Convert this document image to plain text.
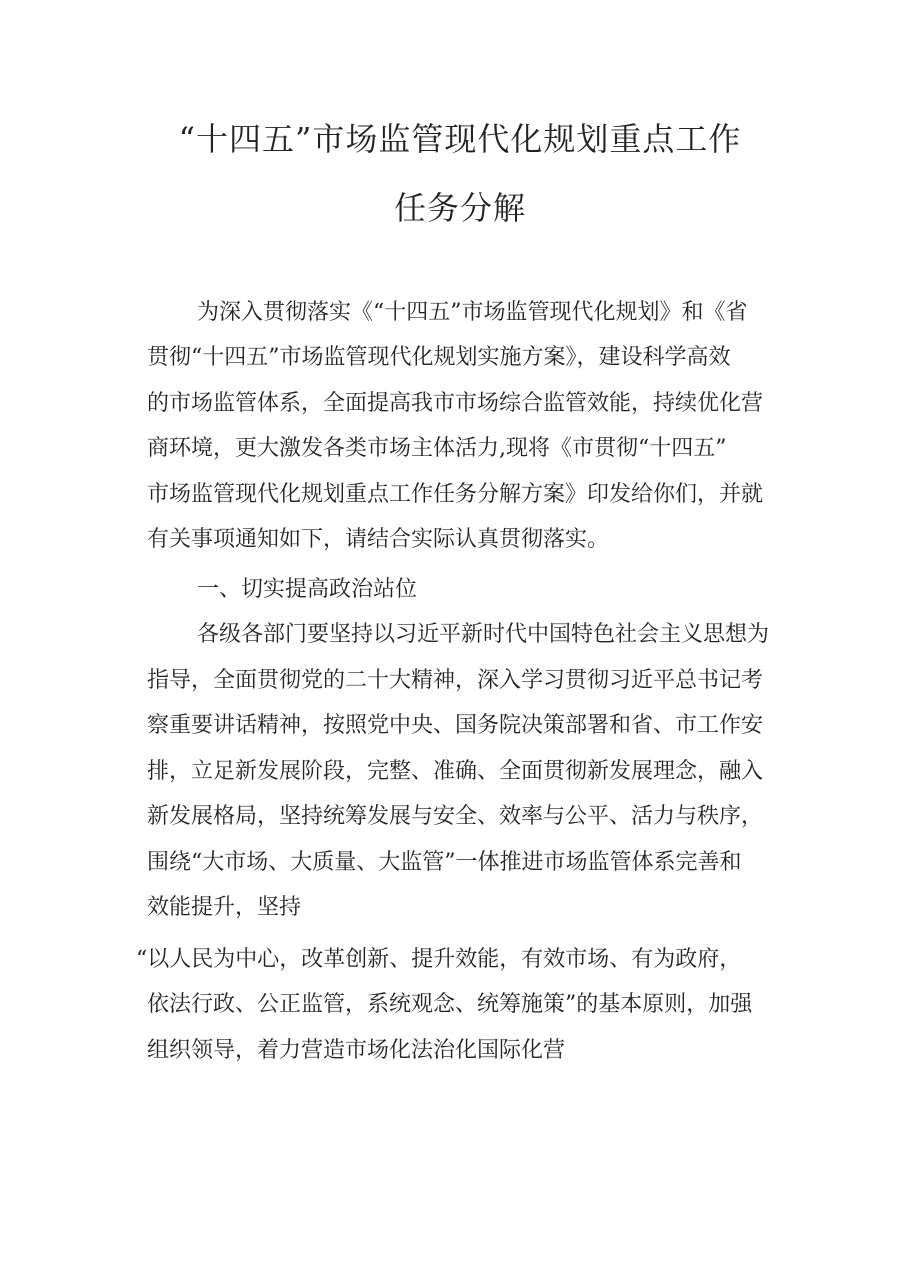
“十四五”市场监管现代化规划重点工作
任务分解
为深入贯彻落实《“十四五”市场监管现代化规划》和《省
贯彻“十四五”市场监管现代化规划实施方案》，建设科学高效
的市场监管体系，全面提高我市市场综合监管效能，持续优化营
商环境，更大激发各类市场主体活力,现将《市贯彻“十四五”
市场监管现代化规划重点工作任务分解方案》印发给你们，并就
有关事项通知如下，请结合实际认真贯彻落实。
一、切实提高政治站位
各级各部门要坚持以习近平新时代中国特色社会主义思想为
指导，全面贯彻党的二十大精神，深入学习贯彻习近平总书记考
察重要讲话精神，按照党中央、国务院决策部署和省、市工作安
排，立足新发展阶段，完整、准确、全面贯彻新发展理念，融入
新发展格局，坚持统筹发展与安全、效率与公平、活力与秩序，
围绕“大市场、大质量、大监管”一体推进市场监管体系完善和
效能提升，坚持
“以人民为中心，改革创新、提升效能，有效市场、有为政府，
依法行政、公正监管，系统观念、统筹施策”的基本原则，加强
组织领导，着力营造市场化法治化国际化营
